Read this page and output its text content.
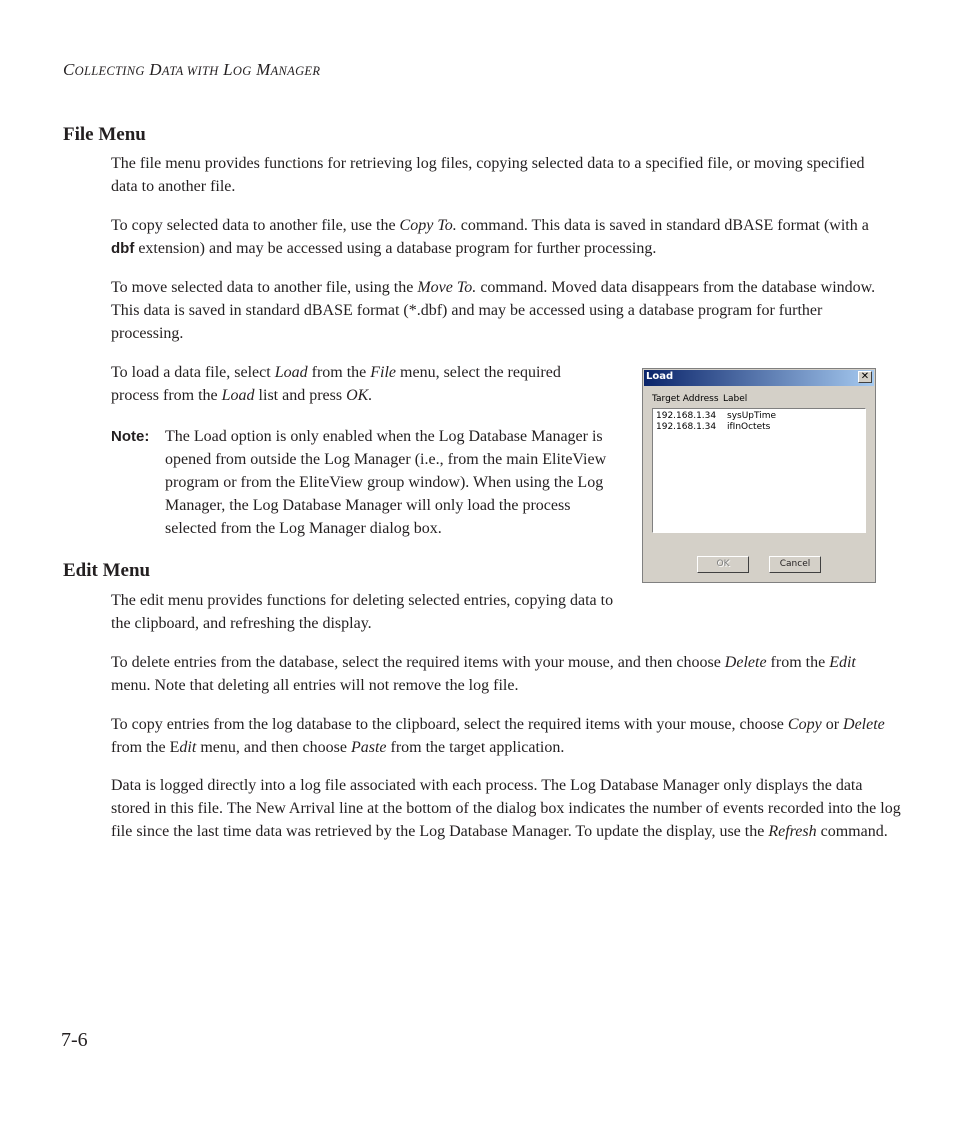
COLLECTING DATA WITH LOG MANAGER
File Menu

The file menu provides functions for retrieving log files, copying selected data to a specified file, or moving specified data to another file.

To copy selected data to another file, use the Copy To. command. This data is saved in standard dBASE format (with a dbf extension) and may be accessed using a database program for further processing.

To move selected data to another file, using the Move To. command. Moved data disappears from the database window. This data is saved in standard dBASE format (*.dbf) and may be accessed using a database program for further processing.

To load a data file, select Load from the File menu, select the required process from the Load list and press OK.

Note: The Load option is only enabled when the Log Database Manager is opened from outside the Log Manager (i.e., from the main EliteView program or from the EliteView group window). When using the Log Manager, the Log Database Manager will only load the process selected from the Log Manager dialog box.
Edit Menu

The edit menu provides functions for deleting selected entries, copying data to the clipboard, and refreshing the display.

To delete entries from the database, select the required items with your mouse, and then choose Delete from the Edit menu. Note that deleting all entries will not remove the log file.

To copy entries from the log database to the clipboard, select the required items with your mouse, choose Copy or Delete from the Edit menu, and then choose Paste from the target application.

Data is logged directly into a log file associated with each process. The Log Database Manager only displays the data stored in this file. The New Arrival line at the bottom of the dialog box indicates the number of events recorded into the log file since the last time data was retrieved by the Log Database Manager. To update the display, use the Refresh command.

Load	✕
Target Address Label
192.168.1.34 sysUpTime
192.168.1.34 ifInOctets
OK	Cancel
7-6
